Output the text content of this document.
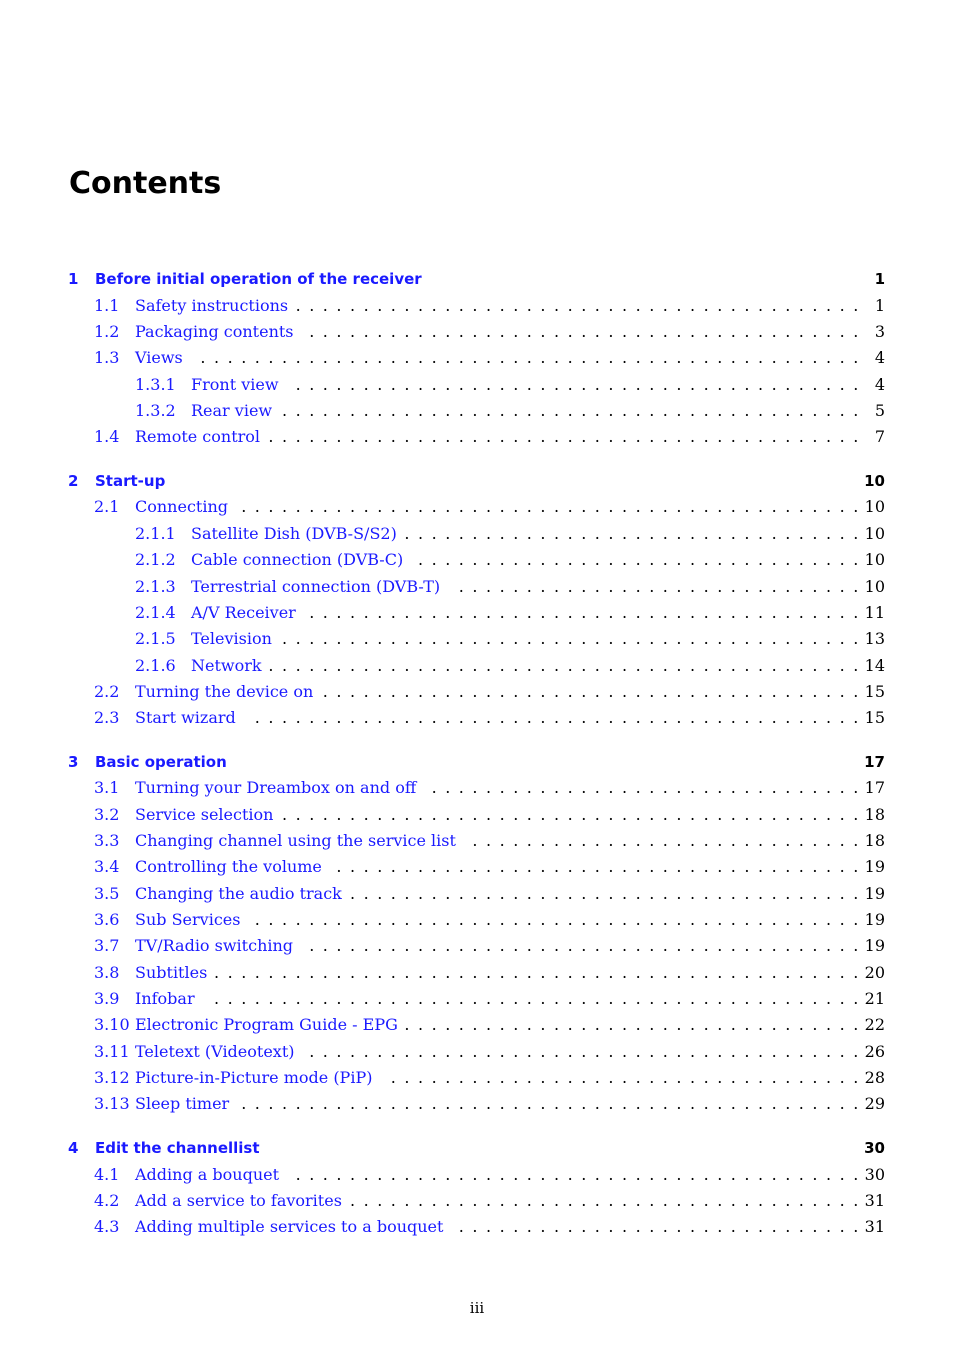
Contents
1 Before initial operation of the receiver	1
1.1 Safety instructions	1
. . . . . . . . . . . . . . . . . . . . . . . . . . . . . . . . . . . . . . . . . .
1.2 Packaging contents	3
. . . . . . . . . . . . . . . . . . . . . . . . . . . . . . . . . . . . . . . . .
1.3 Views	4
. . . . . . . . . . . . . . . . . . . . . . . . . . . . . . . . . . . . . . . . . . . . . . . . .
1.3.1 Front view	4
. . . . . . . . . . . . . . . . . . . . . . . . . . . . . . . . . . . . . . . . . .
1.3.2 Rear view	5
. . . . . . . . . . . . . . . . . . . . . . . . . . . . . . . . . . . . . . . . . . .
1.4 Remote control	7
. . . . . . . . . . . . . . . . . . . . . . . . . . . . . . . . . . . . . . . . . . . .
2 Start-up	10
2.1 Connecting	10
. . . . . . . . . . . . . . . . . . . . . . . . . . . . . . . . . . . . . . . . . . . . . .
2.1.1 Satellite Dish (DVB-S/S2)	10
. . . . . . . . . . . . . . . . . . . . . . . . . . . . . . . . . .
2.1.2 Cable connection (DVB-C)	10
. . . . . . . . . . . . . . . . . . . . . . . . . . . . . . . . .
2.1.3 Terrestrial connection (DVB-T)	10
. . . . . . . . . . . . . . . . . . . . . . . . . . . . . .
2.1.4 A/V Receiver	11
. . . . . . . . . . . . . . . . . . . . . . . . . . . . . . . . . . . . . . . . .
2.1.5 Television	13
. . . . . . . . . . . . . . . . . . . . . . . . . . . . . . . . . . . . . . . . . . .
2.1.6 Network	14
. . . . . . . . . . . . . . . . . . . . . . . . . . . . . . . . . . . . . . . . . . . .
2.2 Turning the device on	15
. . . . . . . . . . . . . . . . . . . . . . . . . . . . . . . . . . . . . . . .
2.3 Start wizard	15
. . . . . . . . . . . . . . . . . . . . . . . . . . . . . . . . . . . . . . . . . . . . .
3 Basic operation	17
3.1 Turning your Dreambox on and off	17
. . . . . . . . . . . . . . . . . . . . . . . . . . . . . . . .
3.2 Service selection	18
. . . . . . . . . . . . . . . . . . . . . . . . . . . . . . . . . . . . . . . . . . .
3.3 Changing channel using the service list	18
. . . . . . . . . . . . . . . . . . . . . . . . . . . . .
3.4 Controlling the volume	19
. . . . . . . . . . . . . . . . . . . . . . . . . . . . . . . . . . . . . . .
3.5 Changing the audio track	19
. . . . . . . . . . . . . . . . . . . . . . . . . . . . . . . . . . . . . .
3.6 Sub Services	19
. . . . . . . . . . . . . . . . . . . . . . . . . . . . . . . . . . . . . . . . . . . . .
3.7 TV/Radio switching	19
. . . . . . . . . . . . . . . . . . . . . . . . . . . . . . . . . . . . . . . . .
3.8 Subtitles	20
. . . . . . . . . . . . . . . . . . . . . . . . . . . . . . . . . . . . . . . . . . . . . . . .
3.9 Infobar	21
. . . . . . . . . . . . . . . . . . . . . . . . . . . . . . . . . . . . . . . . . . . . . . . .
3.10 Electronic Program Guide - EPG	22
. . . . . . . . . . . . . . . . . . . . . . . . . . . . . . . . . .
3.11 Teletext (Videotext)	26
. . . . . . . . . . . . . . . . . . . . . . . . . . . . . . . . . . . . . . . . .
3.12 Picture-in-Picture mode (PiP)	28
. . . . . . . . . . . . . . . . . . . . . . . . . . . . . . . . . . .
3.13 Sleep timer	29
. . . . . . . . . . . . . . . . . . . . . . . . . . . . . . . . . . . . . . . . . . . . . .
4 Edit the channellist	30
4.1 Adding a bouquet	30
. . . . . . . . . . . . . . . . . . . . . . . . . . . . . . . . . . . . . . . . . .
4.2 Add a service to favorites	31
. . . . . . . . . . . . . . . . . . . . . . . . . . . . . . . . . . . . . .
4.3 Adding multiple services to a bouquet	31
. . . . . . . . . . . . . . . . . . . . . . . . . . . . . .
iii
